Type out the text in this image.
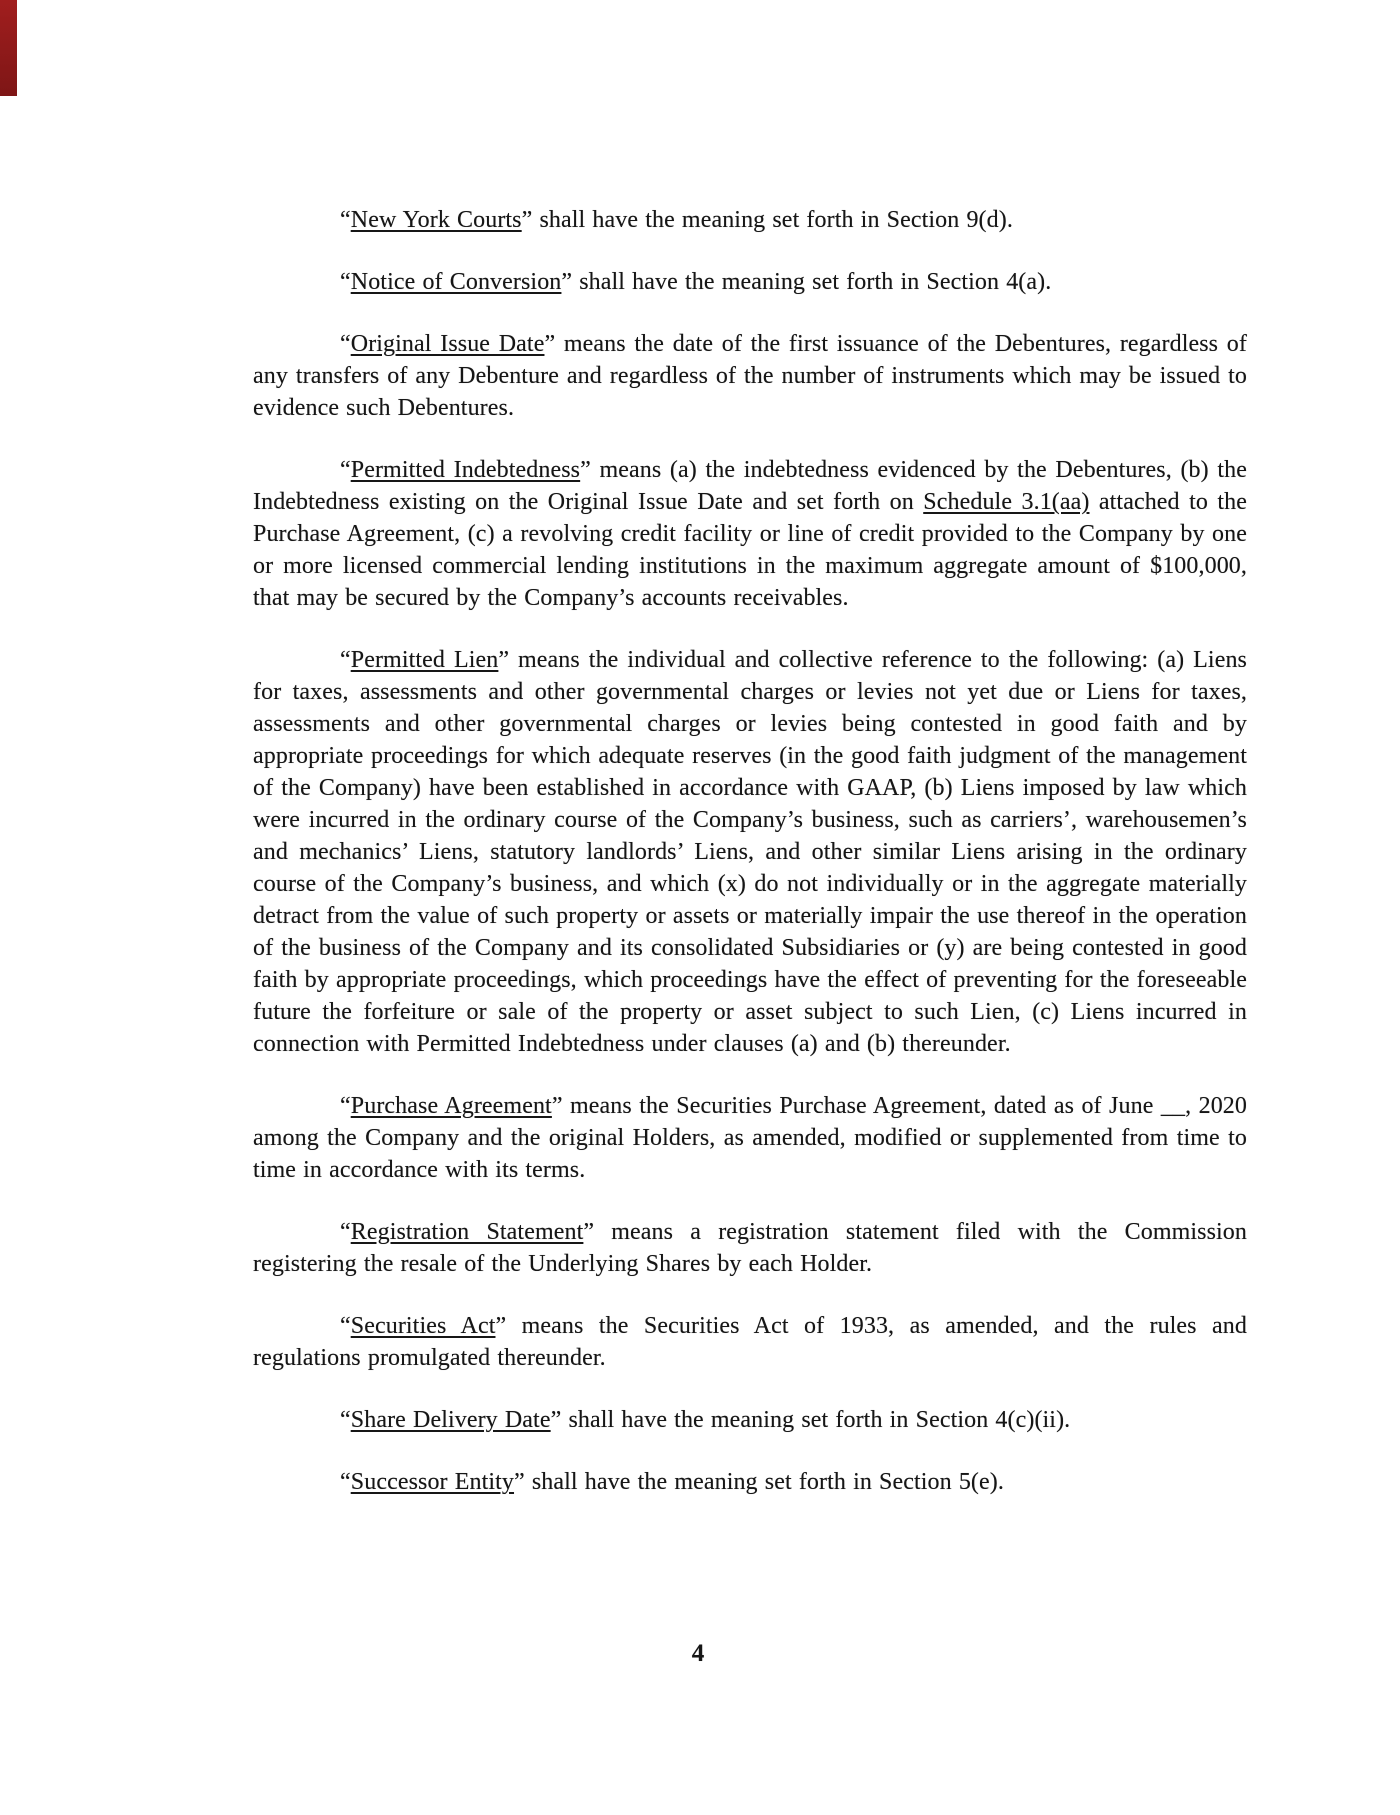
“New York Courts” shall have the meaning set forth in Section 9(d).

“Notice of Conversion” shall have the meaning set forth in Section 4(a).

“Original Issue Date” means the date of the first issuance of the Debentures, regardless of any transfers of any Debenture and regardless of the number of instruments which may be issued to evidence such Debentures.

“Permitted Indebtedness” means (a) the indebtedness evidenced by the Debentures, (b) the Indebtedness existing on the Original Issue Date and set forth on Schedule 3.1(aa) attached to the Purchase Agreement, (c) a revolving credit facility or line of credit provided to the Company by one or more licensed commercial lending institutions in the maximum aggregate amount of $100,000, that may be secured by the Company’s accounts receivables.

“Permitted Lien” means the individual and collective reference to the following: (a) Liens for taxes, assessments and other governmental charges or levies not yet due or Liens for taxes, assessments and other governmental charges or levies being contested in good faith and by appropriate proceedings for which adequate reserves (in the good faith judgment of the management of the Company) have been established in accordance with GAAP, (b) Liens imposed by law which were incurred in the ordinary course of the Company’s business, such as carriers’, warehousemen’s and mechanics’ Liens, statutory landlords’ Liens, and other similar Liens arising in the ordinary course of the Company’s business, and which (x) do not individually or in the aggregate materially detract from the value of such property or assets or materially impair the use thereof in the operation of the business of the Company and its consolidated Subsidiaries or (y) are being contested in good faith by appropriate proceedings, which proceedings have the effect of preventing for the foreseeable future the forfeiture or sale of the property or asset subject to such Lien, (c) Liens incurred in connection with Permitted Indebtedness under clauses (a) and (b) thereunder.

“Purchase Agreement” means the Securities Purchase Agreement, dated as of June __, 2020 among the Company and the original Holders, as amended, modified or supplemented from time to time in accordance with its terms.

“Registration Statement” means a registration statement filed with the Commission registering the resale of the Underlying Shares by each Holder.

“Securities Act” means the Securities Act of 1933, as amended, and the rules and regulations promulgated thereunder.

“Share Delivery Date” shall have the meaning set forth in Section 4(c)(ii).

“Successor Entity” shall have the meaning set forth in Section 5(e).

4
